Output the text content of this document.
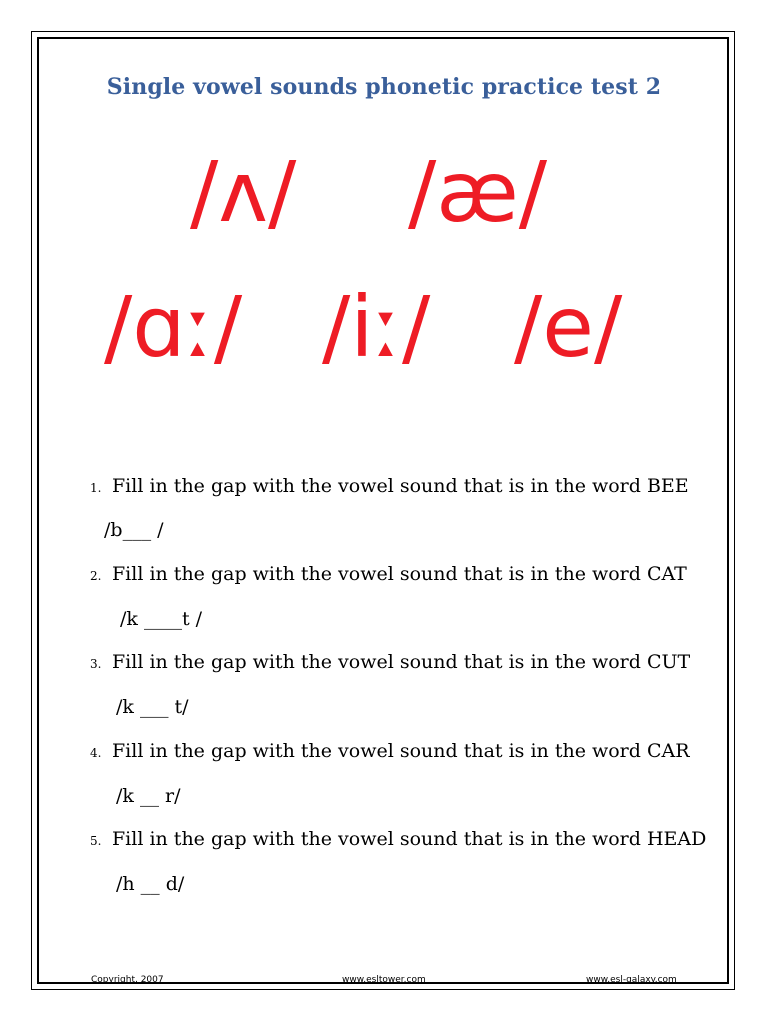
Single vowel sounds phonetic practice test 2
/ʌ/ /æ/
/ɑː/ /iː/ /e/
1. Fill in the gap with the vowel sound that is in the word BEE
/b___ /
2. Fill in the gap with the vowel sound that is in the word CAT
/k ____t /
3. Fill in the gap with the vowel sound that is in the word CUT
/k ___ t/
4. Fill in the gap with the vowel sound that is in the word CAR
/k __ r/
5. Fill in the gap with the vowel sound that is in the word HEAD
/h __ d/
Copyright, 2007	www.esltower.com	www.esl-galaxy.com
